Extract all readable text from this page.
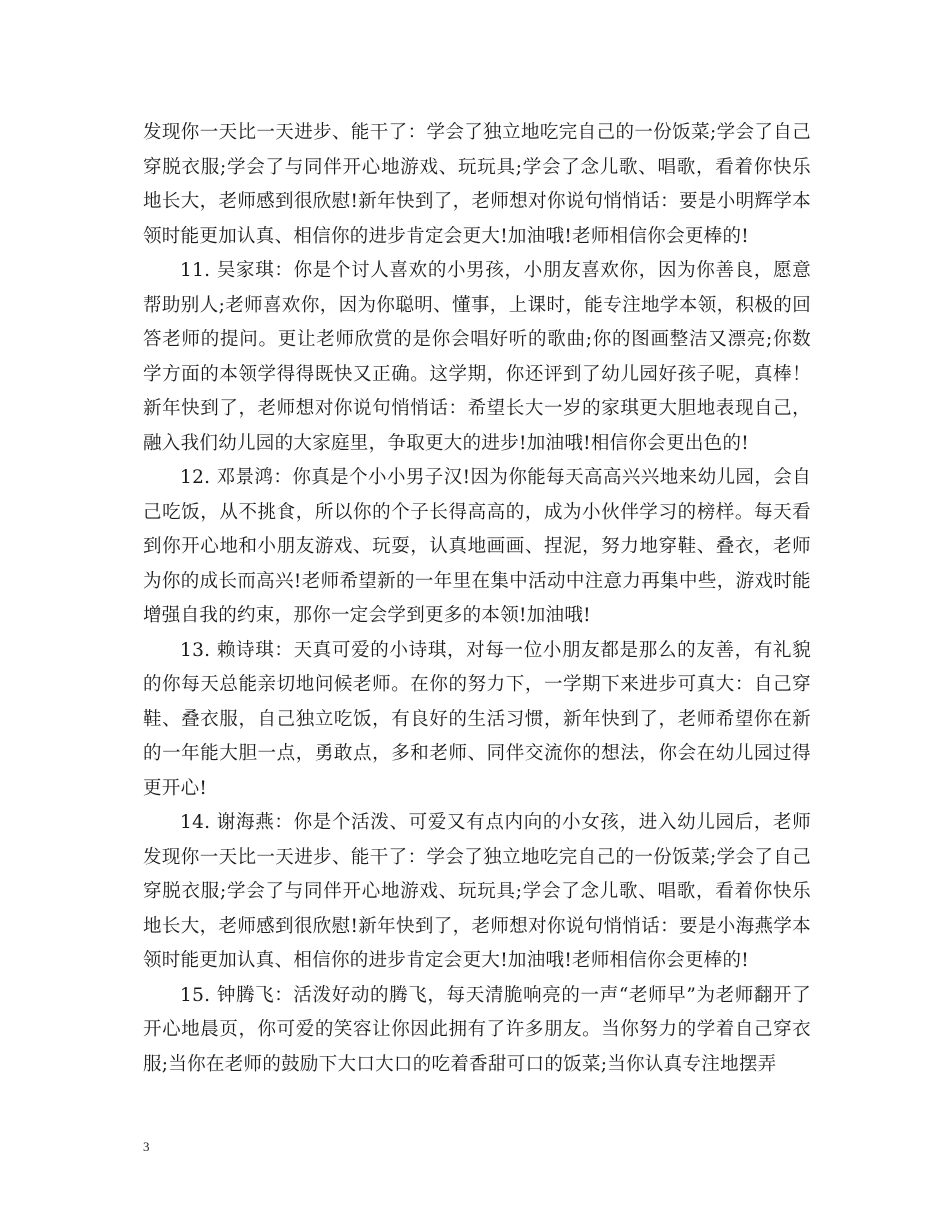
发现你一天比一天进步、能干了：学会了独立地吃完自己的一份饭菜;学会了自己穿脱衣服;学会了与同伴开心地游戏、玩玩具;学会了念儿歌、唱歌，看着你快乐地长大，老师感到很欣慰!新年快到了，老师想对你说句悄悄话：要是小明辉学本领时能更加认真、相信你的进步肯定会更大!加油哦!老师相信你会更棒的!

11. 吴家琪：你是个讨人喜欢的小男孩，小朋友喜欢你，因为你善良，愿意帮助别人;老师喜欢你，因为你聪明、懂事，上课时，能专注地学本领，积极的回答老师的提问。更让老师欣赏的是你会唱好听的歌曲;你的图画整洁又漂亮;你数学方面的本领学得得既快又正确。这学期，你还评到了幼儿园好孩子呢，真棒！新年快到了，老师想对你说句悄悄话：希望长大一岁的家琪更大胆地表现自己，融入我们幼儿园的大家庭里，争取更大的进步!加油哦!相信你会更出色的!

12. 邓景鸿：你真是个小小男子汉!因为你能每天高高兴兴地来幼儿园，会自己吃饭，从不挑食，所以你的个子长得高高的，成为小伙伴学习的榜样。每天看到你开心地和小朋友游戏、玩耍，认真地画画、捏泥，努力地穿鞋、叠衣，老师为你的成长而高兴!老师希望新的一年里在集中活动中注意力再集中些，游戏时能增强自我的约束，那你一定会学到更多的本领!加油哦!

13. 赖诗琪：天真可爱的小诗琪，对每一位小朋友都是那么的友善，有礼貌的你每天总能亲切地问候老师。在你的努力下，一学期下来进步可真大：自己穿鞋、叠衣服，自己独立吃饭，有良好的生活习惯，新年快到了，老师希望你在新的一年能大胆一点，勇敢点，多和老师、同伴交流你的想法，你会在幼儿园过得更开心!

14. 谢海燕：你是个活泼、可爱又有点内向的小女孩，进入幼儿园后，老师发现你一天比一天进步、能干了：学会了独立地吃完自己的一份饭菜;学会了自己穿脱衣服;学会了与同伴开心地游戏、玩玩具;学会了念儿歌、唱歌，看着你快乐地长大，老师感到很欣慰!新年快到了，老师想对你说句悄悄话：要是小海燕学本领时能更加认真、相信你的进步肯定会更大!加油哦!老师相信你会更棒的!

15. 钟腾飞：活泼好动的腾飞，每天清脆响亮的一声“老师早”为老师翻开了开心地晨页，你可爱的笑容让你因此拥有了许多朋友。当你努力的学着自己穿衣服;当你在老师的鼓励下大口大口的吃着香甜可口的饭菜;当你认真专注地摆弄

3
